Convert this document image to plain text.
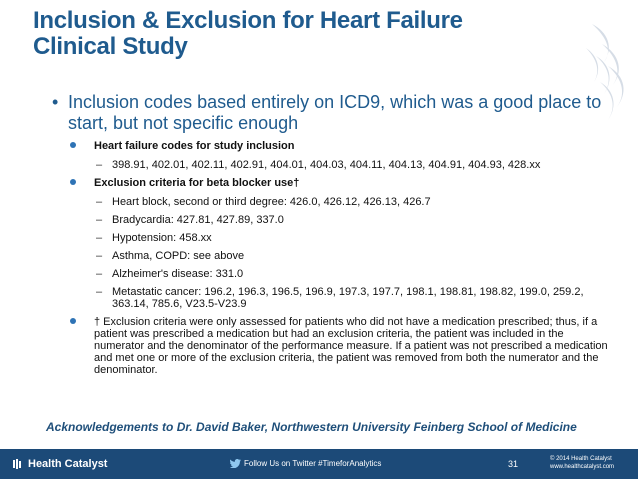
Inclusion & Exclusion for Heart Failure
Clinical Study
• Inclusion codes based entirely on ICD9, which was a good place to start, but not specific enough
Heart failure codes for study inclusion
– 398.91, 402.01, 402.11, 402.91, 404.01, 404.03, 404.11, 404.13, 404.91, 404.93, 428.xx
Exclusion criteria for beta blocker use†
– Heart block, second or third degree: 426.0, 426.12, 426.13, 426.7
– Bradycardia: 427.81, 427.89, 337.0
– Hypotension: 458.xx
– Asthma, COPD: see above
– Alzheimer's disease: 331.0
– Metastatic cancer: 196.2, 196.3, 196.5, 196.9, 197.3, 197.7, 198.1, 198.81, 198.82, 199.0, 259.2, 363.14, 785.6, V23.5-V23.9
† Exclusion criteria were only assessed for patients who did not have a medication prescribed; thus, if a patient was prescribed a medication but had an exclusion criteria, the patient was included in the numerator and the denominator of the performance measure. If a patient was not prescribed a medication and met one or more of the exclusion criteria, the patient was removed from both the numerator and the denominator.
Acknowledgements to Dr. David Baker, Northwestern University Feinberg School of Medicine
Health Catalyst	Follow Us on Twitter #TimeforAnalytics	31	© 2014 Health Catalyst
www.healthcatalyst.com
